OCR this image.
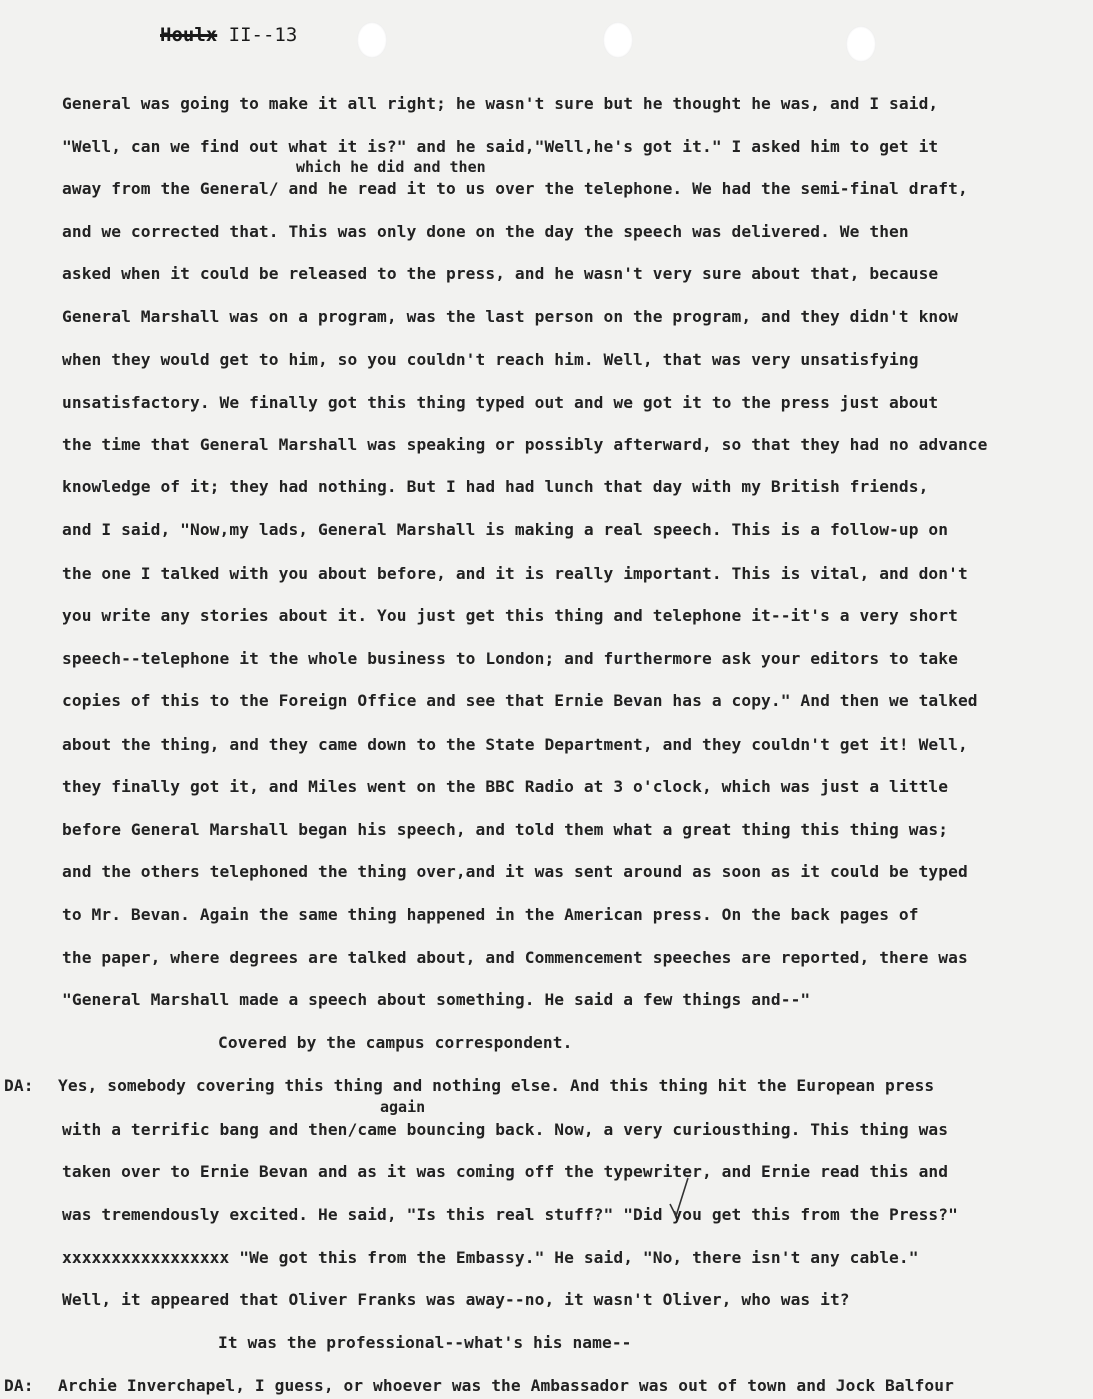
Houlx II--13
which he did and then
again
General was going to make it all right; he wasn't sure but he thought he was, and I said,
"Well, can we find out what it is?" and he said,"Well,he's got it." I asked him to get it
away from the General/ and he read it to us over the telephone. We had the semi-final draft,
and we corrected that. This was only done on the day the speech was delivered. We then
asked when it could be released to the press, and he wasn't very sure about that, because
General Marshall was on a program, was the last person on the program, and they didn't know
when they would get to him, so you couldn't reach him. Well, that was very unsatisfying
unsatisfactory. We finally got this thing typed out and we got it to the press just about
the time that General Marshall was speaking or possibly afterward, so that they had no advance
knowledge of it; they had nothing. But I had had lunch that day with my British friends,
and I said, "Now,my lads, General Marshall is making a real speech. This is a follow-up on
the one I talked with you about before, and it is really important. This is vital, and don't
you write any stories about it. You just get this thing and telephone it--it's a very short
speech--telephone it the whole business to London; and furthermore ask your editors to take
copies of this to the Foreign Office and see that Ernie Bevan has a copy." And then we talked
about the thing, and they came down to the State Department, and they couldn't get it! Well,
they finally got it, and Miles went on the BBC Radio at 3 o'clock, which was just a little
before General Marshall began his speech, and told them what a great thing this thing was;
and the others telephoned the thing over,and it was sent around as soon as it could be typed
to Mr. Bevan. Again the same thing happened in the American press. On the back pages of
the paper, where degrees are talked about, and Commencement speeches are reported, there was
"General Marshall made a speech about something. He said a few things and--"
Covered by the campus correspondent.
DA: Yes, somebody covering this thing and nothing else. And this thing hit the European press
with a terrific bang and then/came bouncing back. Now, a very curiousthing. This thing was
taken over to Ernie Bevan and as it was coming off the typewriter, and Ernie read this and
was tremendously excited. He said, "Is this real stuff?" "Did you get this from the Press?"
xxxxxxxxxxxxxxxxx "We got this from the Embassy." He said, "No, there isn't any cable."
Well, it appeared that Oliver Franks was away--no, it wasn't Oliver, who was it?
It was the professional--what's his name--
DA: Archie Inverchapel, I guess, or whoever was the Ambassador was out of town and Jock Balfour
